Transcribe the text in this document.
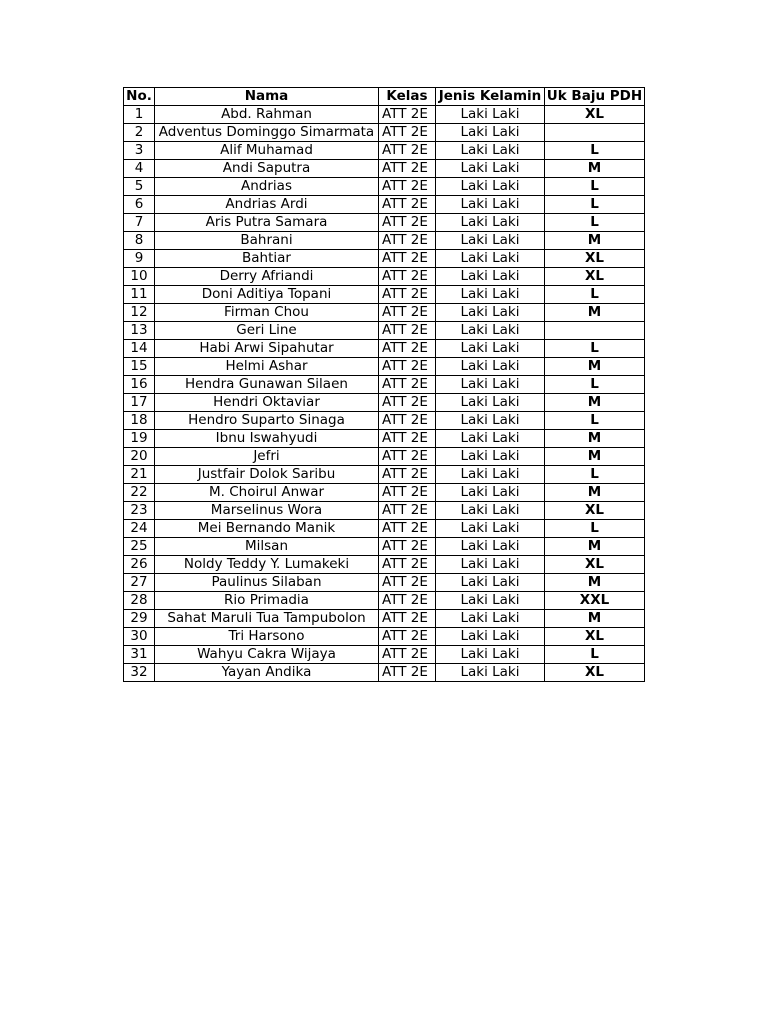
No.	Nama	Kelas	Jenis Kelamin	Uk Baju PDH
1	Abd. Rahman	ATT 2E	Laki Laki	XL
2	Adventus Dominggo Simarmata	ATT 2E	Laki Laki	
3	Alif Muhamad	ATT 2E	Laki Laki	L
4	Andi Saputra	ATT 2E	Laki Laki	M
5	Andrias	ATT 2E	Laki Laki	L
6	Andrias Ardi	ATT 2E	Laki Laki	L
7	Aris Putra Samara	ATT 2E	Laki Laki	L
8	Bahrani	ATT 2E	Laki Laki	M
9	Bahtiar	ATT 2E	Laki Laki	XL
10	Derry Afriandi	ATT 2E	Laki Laki	XL
11	Doni Aditiya Topani	ATT 2E	Laki Laki	L
12	Firman Chou	ATT 2E	Laki Laki	M
13	Geri Line	ATT 2E	Laki Laki	
14	Habi Arwi Sipahutar	ATT 2E	Laki Laki	L
15	Helmi Ashar	ATT 2E	Laki Laki	M
16	Hendra Gunawan Silaen	ATT 2E	Laki Laki	L
17	Hendri Oktaviar	ATT 2E	Laki Laki	M
18	Hendro Suparto Sinaga	ATT 2E	Laki Laki	L
19	Ibnu Iswahyudi	ATT 2E	Laki Laki	M
20	Jefri	ATT 2E	Laki Laki	M
21	Justfair Dolok Saribu	ATT 2E	Laki Laki	L
22	M. Choirul Anwar	ATT 2E	Laki Laki	M
23	Marselinus Wora	ATT 2E	Laki Laki	XL
24	Mei Bernando Manik	ATT 2E	Laki Laki	L
25	Milsan	ATT 2E	Laki Laki	M
26	Noldy Teddy Y. Lumakeki	ATT 2E	Laki Laki	XL
27	Paulinus Silaban	ATT 2E	Laki Laki	M
28	Rio Primadia	ATT 2E	Laki Laki	XXL
29	Sahat Maruli Tua Tampubolon	ATT 2E	Laki Laki	M
30	Tri Harsono	ATT 2E	Laki Laki	XL
31	Wahyu Cakra Wijaya	ATT 2E	Laki Laki	L
32	Yayan Andika	ATT 2E	Laki Laki	XL
